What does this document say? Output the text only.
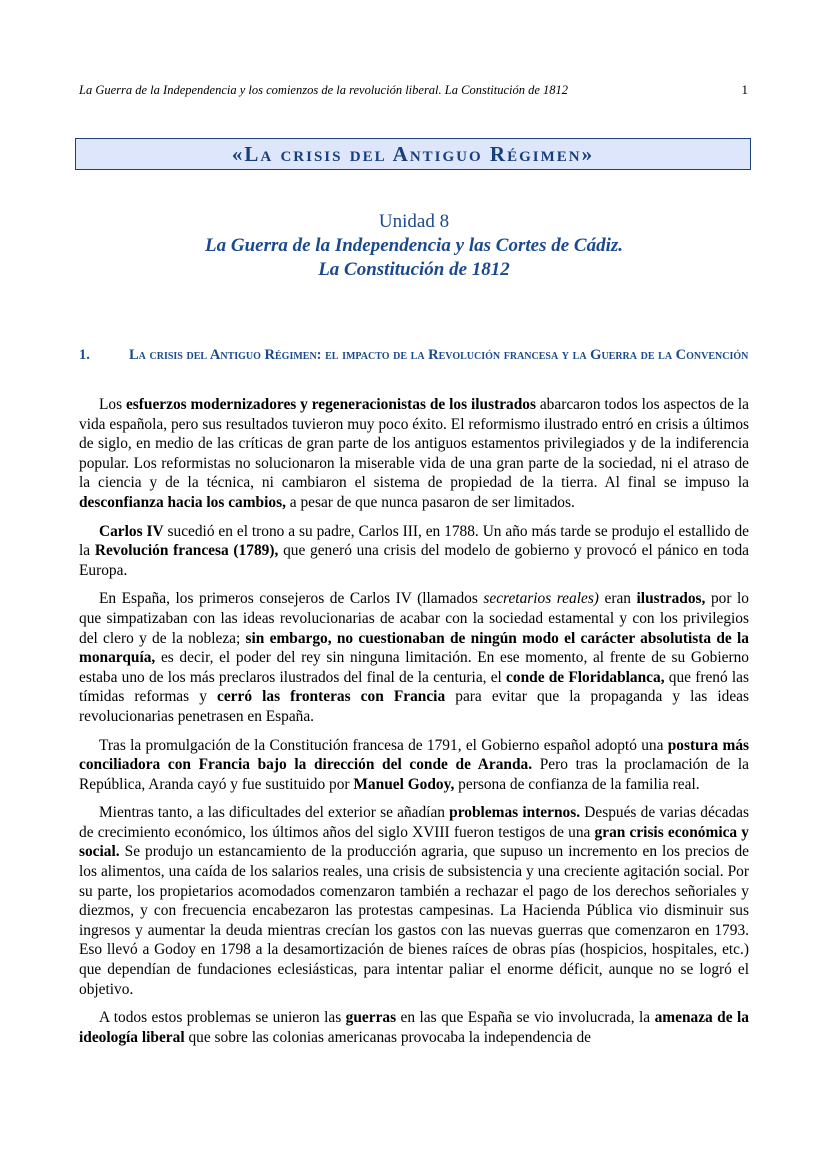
La Guerra de la Independencia y los comienzos de la revolución liberal. La Constitución de 1812	1
«La crisis del Antiguo Régimen»
Unidad 8
La Guerra de la Independencia y las Cortes de Cádiz.
La Constitución de 1812
1.	La crisis del Antiguo Régimen: el impacto de la Revolución francesa y la Guerra de la Convención

Los esfuerzos modernizadores y regeneracionistas de los ilustrados abarcaron todos los aspectos de la vida española, pero sus resultados tuvieron muy poco éxito. El reformismo ilustrado entró en crisis a últimos de siglo, en medio de las críticas de gran parte de los antiguos estamentos privilegiados y de la indiferencia popular. Los reformistas no solucionaron la miserable vida de una gran parte de la sociedad, ni el atraso de la ciencia y de la técnica, ni cambiaron el sistema de propiedad de la tierra. Al final se impuso la desconfianza hacia los cambios, a pesar de que nunca pasaron de ser limitados.

Carlos IV sucedió en el trono a su padre, Carlos III, en 1788. Un año más tarde se produjo el estallido de la Revolución francesa (1789), que generó una crisis del modelo de gobierno y provocó el pánico en toda Europa.

En España, los primeros consejeros de Carlos IV (llamados secretarios reales) eran ilustrados, por lo que simpatizaban con las ideas revolucionarias de acabar con la sociedad estamental y con los privilegios del clero y de la nobleza; sin embargo, no cuestionaban de ningún modo el carácter absolutista de la monarquía, es decir, el poder del rey sin ninguna limitación. En ese momento, al frente de su Gobierno estaba uno de los más preclaros ilustrados del final de la centuria, el conde de Floridablanca, que frenó las tímidas reformas y cerró las fronteras con Francia para evitar que la propaganda y las ideas revolucionarias penetrasen en España.

Tras la promulgación de la Constitución francesa de 1791, el Gobierno español adoptó una postura más conciliadora con Francia bajo la dirección del conde de Aranda. Pero tras la proclamación de la República, Aranda cayó y fue sustituido por Manuel Godoy, persona de confianza de la familia real.

Mientras tanto, a las dificultades del exterior se añadían problemas internos. Después de varias décadas de crecimiento económico, los últimos años del siglo XVIII fueron testigos de una gran crisis económica y social. Se produjo un estancamiento de la producción agraria, que supuso un incremento en los precios de los alimentos, una caída de los salarios reales, una crisis de subsistencia y una creciente agitación social. Por su parte, los propietarios acomodados comenzaron también a rechazar el pago de los derechos señoriales y diezmos, y con frecuencia encabezaron las protestas campesinas. La Hacienda Pública vio disminuir sus ingresos y aumentar la deuda mientras crecían los gastos con las nuevas guerras que comenzaron en 1793. Eso llevó a Godoy en 1798 a la desamortización de bienes raíces de obras pías (hospicios, hospitales, etc.) que dependían de fundaciones eclesiásticas, para intentar paliar el enorme déficit, aunque no se logró el objetivo.

A todos estos problemas se unieron las guerras en las que España se vio involucrada, la amenaza de la ideología liberal que sobre las colonias americanas provocaba la independencia de
